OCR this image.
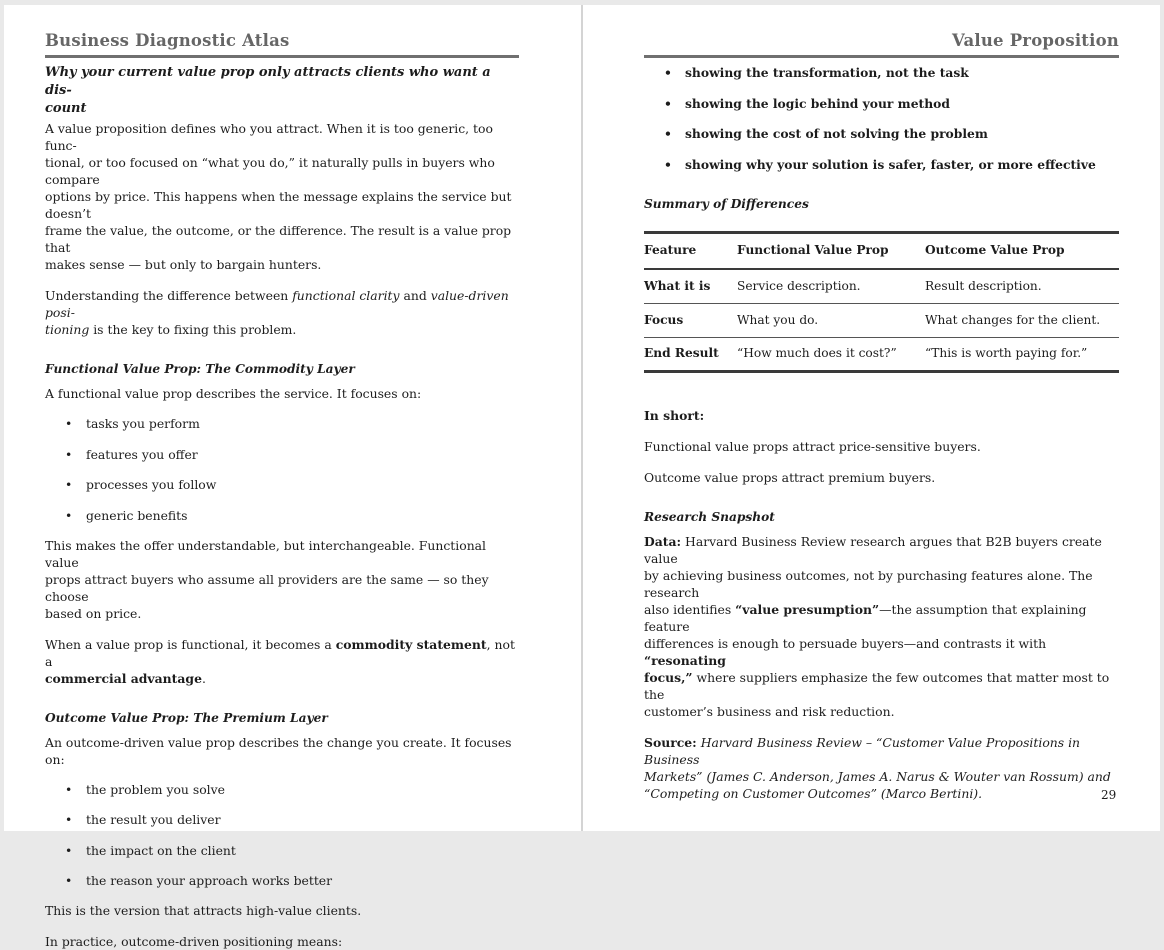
Business Diagnostic Atlas
Why your current value prop only attracts clients who want a dis-
count
A value proposition defines who you attract. When it is too generic, too func-
tional, or too focused on “what you do,” it naturally pulls in buyers who compare
options by price. This happens when the message explains the service but doesn’t
frame the value, the outcome, or the difference. The result is a value prop that
makes sense — but only to bargain hunters.
Understanding the difference between functional clarity and value-driven posi-
tioning is the key to fixing this problem.
Functional Value Prop: The Commodity Layer
A functional value prop describes the service. It focuses on:
• tasks you perform
• features you offer
• processes you follow
• generic benefits
This makes the offer understandable, but interchangeable. Functional value
props attract buyers who assume all providers are the same — so they choose
based on price.
When a value prop is functional, it becomes a commodity statement, not a
commercial advantage.
Outcome Value Prop: The Premium Layer
An outcome-driven value prop describes the change you create. It focuses on:
• the problem you solve
• the result you deliver
• the impact on the client
• the reason your approach works better
This is the version that attracts high-value clients.
In practice, outcome-driven positioning means:
Value Proposition
• showing the transformation, not the task
• showing the logic behind your method
• showing the cost of not solving the problem
• showing why your solution is safer, faster, or more effective
Summary of Differences
Feature	Functional Value Prop	Outcome Value Prop
What it is	Service description.	Result description.
Focus	What you do.	What changes for the client.
End Result	“How much does it cost?”	“This is worth paying for.”
In short:
Functional value props attract price-sensitive buyers.
Outcome value props attract premium buyers.
Research Snapshot
Data: Harvard Business Review research argues that B2B buyers create value
by achieving business outcomes, not by purchasing features alone. The research
also identifies “value presumption”—the assumption that explaining feature
differences is enough to persuade buyers—and contrasts it with “resonating
focus,” where suppliers emphasize the few outcomes that matter most to the
customer’s business and risk reduction.
Source: Harvard Business Review – “Customer Value Propositions in Business
Markets” (James C. Anderson, James A. Narus & Wouter van Rossum) and
“Competing on Customer Outcomes” (Marco Bertini).	29
